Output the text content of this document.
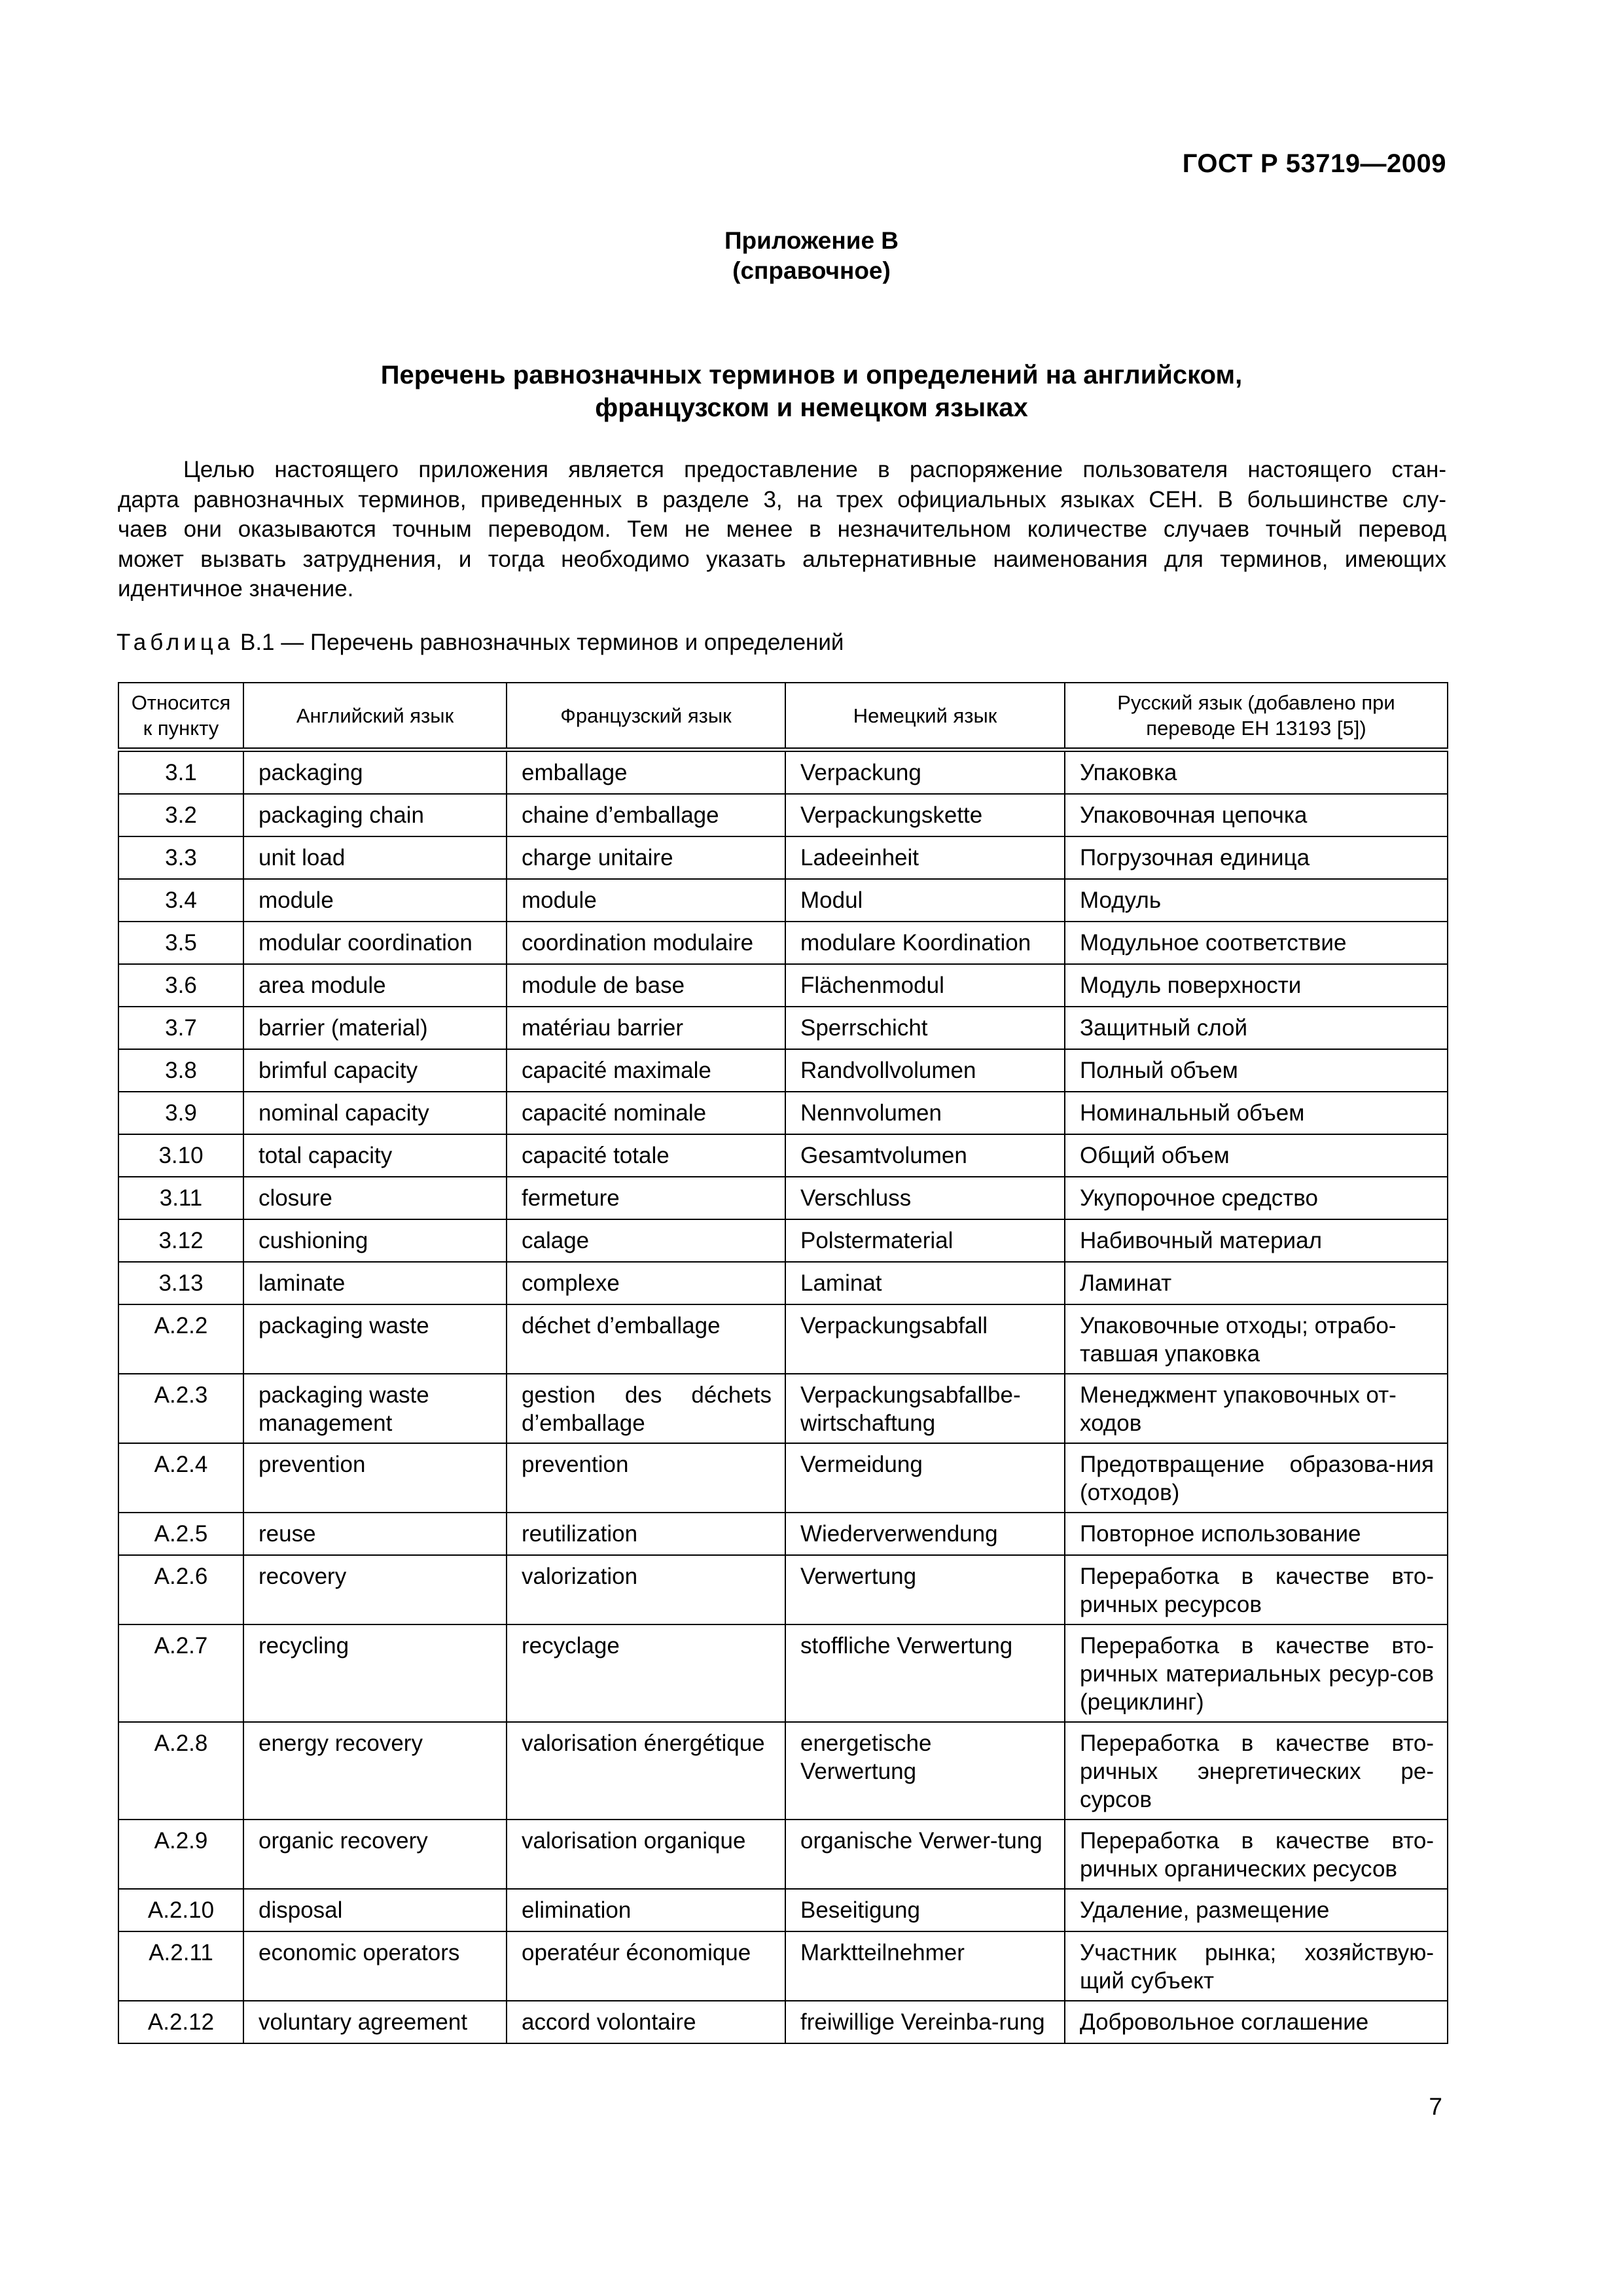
ГОСТ Р 53719—2009
Приложение В
(справочное)
Перечень равнозначных терминов и определений на английском,
французском и немецком языках
Целью настоящего приложения является предоставление в распоряжение пользователя настоящего стан-
дарта равнозначных терминов, приведенных в разделе 3, на трех официальных языках СЕН. В большинстве слу-
чаев они оказываются точным переводом. Тем не менее в незначительном количестве случаев точный перевод
может вызвать затруднения, и тогда необходимо указать альтернативные наименования для терминов, имеющих
идентичное значение.
Таблица В.1 — Перечень равнозначных терминов и определений
Относится к пункту	Английский язык	Французский язык	Немецкий язык	Русский язык (добавлено при переводе ЕН 13193 [5])
3.1	packaging	emballage	Verpackung	Упаковка
3.2	packaging chain	chaine d’emballage	Verpackungskette	Упаковочная цепочка
3.3	unit load	charge unitaire	Ladeeinheit	Погрузочная единица
3.4	module	module	Modul	Модуль
3.5	modular coordination	coordination modulaire	modulare Koordination	Модульное соответствие
3.6	area module	module de base	Flächenmodul	Модуль поверхности
3.7	barrier (material)	matériau barrier	Sperrschicht	Защитный слой
3.8	brimful capacity	capacité maximale	Randvollvolumen	Полный объем
3.9	nominal capacity	capacité nominale	Nennvolumen	Номинальный объем
3.10	total capacity	capacité totale	Gesamtvolumen	Общий объем
3.11	closure	fermeture	Verschluss	Укупорочное средство
3.12	cushioning	calage	Polstermaterial	Набивочный материал
3.13	laminate	complexe	Laminat	Ламинат
А.2.2	packaging waste	déchet d’emballage	Verpackungsabfall	Упаковочные отходы; отрабо-тавшая упаковка
А.2.3	packaging waste management	gestion des déchets d’emballage	Verpackungsabfallbe-wirtschaftung	Менеджмент упаковочных от-ходов
А.2.4	prevention	prevention	Vermeidung	Предотвращение образова-ния (отходов)
А.2.5	reuse	reutilization	Wiederverwendung	Повторное использование
А.2.6	recovery	valorization	Verwertung	Переработка в качестве вто-ричных ресурсов
А.2.7	recycling	recyclage	stoffliche Verwertung	Переработка в качестве вто-ричных материальных ресур-сов (рециклинг)
А.2.8	energy recovery	valorisation énergétique	energetische Verwertung	Переработка в качестве вто-ричных энергетических ре-сурсов
А.2.9	organic recovery	valorisation organique	organische Verwer-tung	Переработка в качестве вто-ричных органических ресусов
А.2.10	disposal	elimination	Beseitigung	Удаление, размещение
А.2.11	economic operators	operatéur économique	Marktteilnehmer	Участник рынка; хозяйствую-щий субъект
А.2.12	voluntary agreement	accord volontaire	freiwillige Vereinba-rung	Добровольное соглашение
7
